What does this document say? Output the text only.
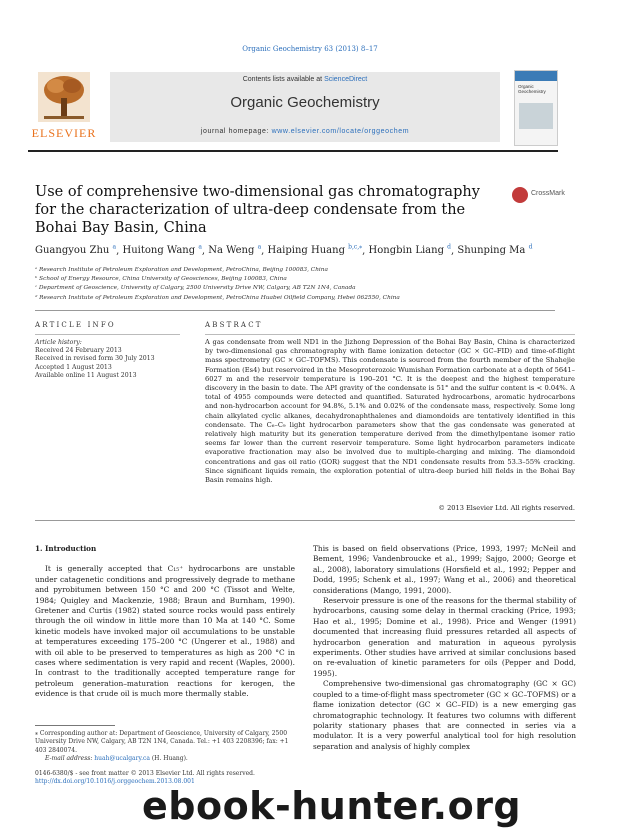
Organic Geochemistry 63 (2013) 8–17
ELSEVIER
Contents lists available at ScienceDirect
Organic Geochemistry
journal homepage: www.elsevier.com/locate/orggeochem
Organic Geochemistry
Use of comprehensive two-dimensional gas chromatography for the characterization of ultra-deep condensate from the Bohai Bay Basin, China
CrossMark
Guangyou Zhu $^a$, Huitong Wang $^a$, Na Weng $^a$, Haiping Huang $^{b,c,⁎}$, Hongbin Liang $^d$, Shunping Ma $^d$
ᵃ Research Institute of Petroleum Exploration and Development, PetroChina, Beijing 100083, China
ᵇ School of Energy Resource, China University of Geosciences, Beijing 100083, China
ᶜ Department of Geoscience, University of Calgary, 2500 University Drive NW, Calgary, AB T2N 1N4, Canada
ᵈ Research Institute of Petroleum Exploration and Development, PetroChina Huabei Oilfield Company, Hebei 062550, China
ARTICLE INFO
Article history:
Received 24 February 2013
Received in revised form 30 July 2013
Accepted 1 August 2013
Available online 11 August 2013
ABSTRACT
A gas condensate from well ND1 in the Jizhong Depression of the Bohai Bay Basin, China is characterized by two-dimensional gas chromatography with flame ionization detector (GC × GC–FID) and time-of-flight mass spectrometry (GC × GC–TOFMS). This condensate is sourced from the fourth member of the Shahejie Formation (Es4) but reservoired in the Mesoproterozoic Wumishan Formation carbonate at a depth of 5641–6027 m and the reservoir temperature is 190–201 °C. It is the deepest and the highest temperature discovery in the basin to date. The API gravity of the condensate is 51° and the sulfur content is < 0.04%. A total of 4955 compounds were detected and quantified. Saturated hydrocarbons, aromatic hydrocarbons and non-hydrocarbon account for 94.8%, 5.1% and 0.02% of the condensate mass, respectively. Some long chain alkylated cyclic alkanes, decahydronaphthalenes and diamondoids are tentatively identified in this condensate. The C₆–C₉ light hydrocarbon parameters show that the gas condensate was generated at relatively high maturity but its generation temperature derived from the dimethylpentane isomer ratio seems far lower than the current reservoir temperature. Some light hydrocarbon parameters indicate evaporative fractionation may also be involved due to multiple-charging and mixing. The diamondoid concentrations and gas oil ratio (GOR) suggest that the ND1 condensate results from 53.3–55% cracking. Since significant liquids remain, the exploration potential of ultra-deep buried hill fields in the Bohai Bay Basin remains high.
© 2013 Elsevier Ltd. All rights reserved.
1. Introduction

It is generally accepted that C₁₅⁺ hydrocarbons are unstable under catagenetic conditions and progressively degrade to methane and pyrobitumen between 150 °C and 200 °C (Tissot and Welte, 1984; Quigley and Mackenzie, 1988; Braun and Burnham, 1990). Gretener and Curtis (1982) stated source rocks would pass entirely through the oil window in little more than 10 Ma at 140 °C. Some kinetic models have invoked major oil accumulations to be unstable at temperatures exceeding 175–200 °C (Ungerer et al., 1988) and with oil able to be preserved to temperatures as high as 200 °C in cases where sedimentation is very rapid and recent (Waples, 2000). In contrast to the traditionally accepted temperature range for petroleum generation–maturation reactions for kerogen, the evidence is that crude oil is much more thermally stable.

This is based on field observations (Price, 1993, 1997; McNeil and Bement, 1996; Vandenbroucke et al., 1999; Sajgo, 2000; George et al., 2008), laboratory simulations (Horsfield et al., 1992; Pepper and Dodd, 1995; Schenk et al., 1997; Wang et al., 2006) and theoretical considerations (Mango, 1991, 2000).

Reservoir pressure is one of the reasons for the thermal stability of hydrocarbons, causing some delay in thermal cracking (Price, 1993; Hao et al., 1995; Domine et al., 1998). Price and Wenger (1991) documented that increasing fluid pressures retarded all aspects of hydrocarbon generation and maturation in aqueous pyrolysis experiments. Other studies have arrived at similar conclusions based on re-evaluation of kinetic parameters for oils (Pepper and Dodd, 1995).

Comprehensive two-dimensional gas chromatography (GC × GC) coupled to a time-of-flight mass spectrometer (GC × GC–TOFMS) or a flame ionization detector (GC × GC–FID) is a new emerging gas chromatographic technology. It features two columns with different polarity stationary phases that are connected in series via a modulator. It is a very powerful analytical tool for high resolution separation and analysis of highly complex

⁎ Corresponding author at: Department of Geoscience, University of Calgary, 2500 University Drive NW, Calgary, AB T2N 1N4, Canada. Tel.: +1 403 2208396; fax: +1 403 2840074.
E-mail address: huah@ucalgary.ca (H. Huang).
0146-6380/$ - see front matter © 2013 Elsevier Ltd. All rights reserved.
http://dx.doi.org/10.1016/j.orggeochem.2013.08.001
ebook-hunter.org
